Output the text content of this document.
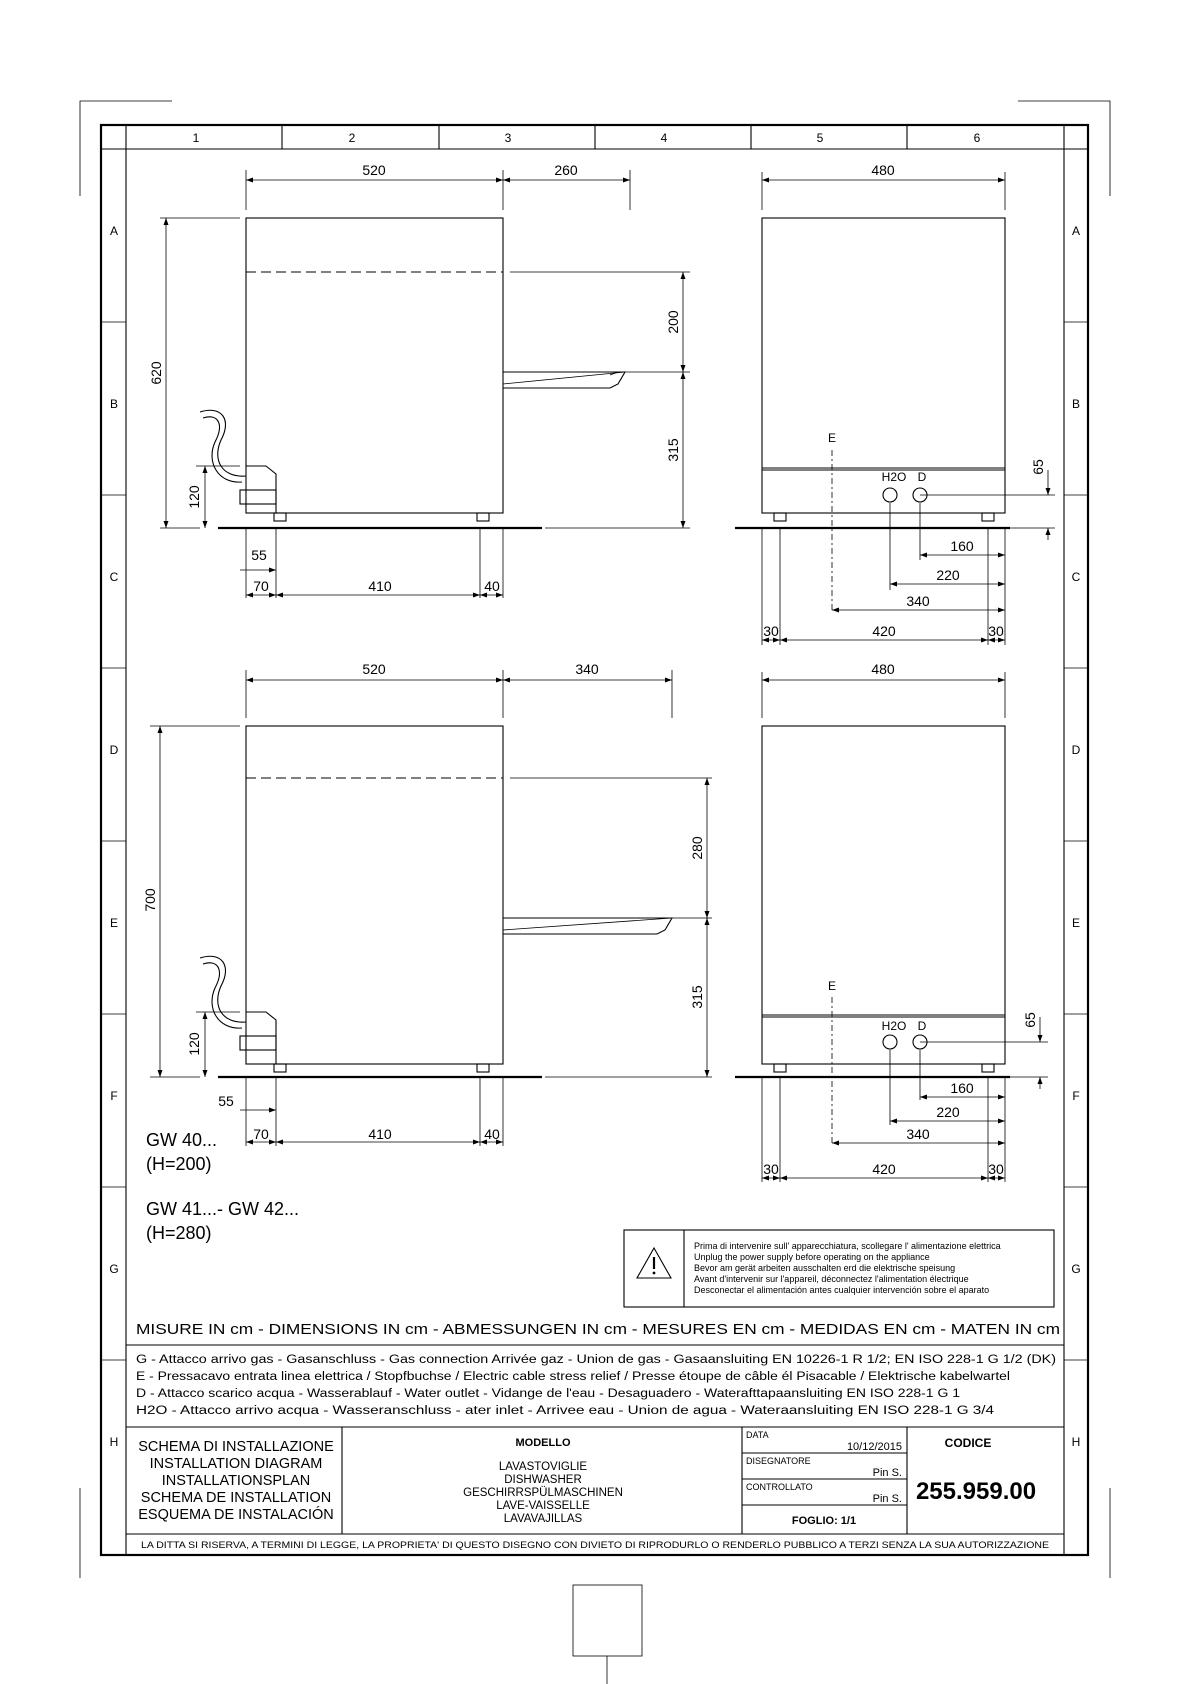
1	2	3	4	5	6
A
B
C
D
E
F
G
H
A
B
C
D
E
F
G
H
520	260
620
200
315
120
55
70	410	40
480
E
H2O D
65
160
220
340
30	420	30
520	340
700
280
315
120
55
70	410	40
480
E
H2O D	65
160
220
340
30	420	30
GW 40...
(H=200)
GW 41...- GW 42...
(H=280)
Prima di intervenire sull' apparecchiatura, scollegare l' alimentazione elettrica
Unplug the power supply before operating on the appliance
Bevor am gerät arbeiten ausschalten erd die elektrische speisung
Avant d'intervenir sur l'appareil, déconnectez l'alimentation électrique
Desconectar el alimentación antes cualquier intervención sobre el aparato
MISURE IN cm - DIMENSIONS IN cm - ABMESSUNGEN IN cm - MESURES EN cm - MEDIDAS EN cm - MATEN IN cm
G - Attacco arrivo gas - Gasanschluss - Gas connection Arrivée gaz - Union de gas - Gasaansluiting EN 10226-1 R 1/2; EN ISO 228-1 G 1/2 (DK)
E - Pressacavo entrata linea elettrica / Stopfbuchse / Electric cable stress relief / Presse étoupe de câble él Pisacable / Elektrische kabelwartel
D - Attacco scarico acqua - Wasserablauf - Water outlet - Vidange de l'eau - Desaguadero - Waterafttapaansluiting EN ISO 228-1 G 1
H2O - Attacco arrivo acqua - Wasseranschluss - ater inlet - Arrivee eau - Union de agua - Wateraansluiting EN ISO 228-1 G 3/4
SCHEMA DI INSTALLAZIONE
INSTALLATION DIAGRAM
INSTALLATIONSPLAN
SCHEMA DE INSTALLATION
ESQUEMA DE INSTALACIÓN
MODELLO
LAVASTOVIGLIE
DISHWASHER
GESCHIRRSPÜLMASCHINEN
LAVE-VAISSELLE
LAVAVAJILLAS
DATA
10/12/2015
DISEGNATORE
Pin S.
CONTROLLATO
Pin S.
FOGLIO: 1/1
CODICE
255.959.00
LA DITTA SI RISERVA, A TERMINI DI LEGGE, LA PROPRIETA' DI QUESTO DISEGNO CON DIVIETO DI RIPRODURLO O RENDERLO PUBBLICO A TERZI SENZA LA SUA AUTORIZZAZIONE
